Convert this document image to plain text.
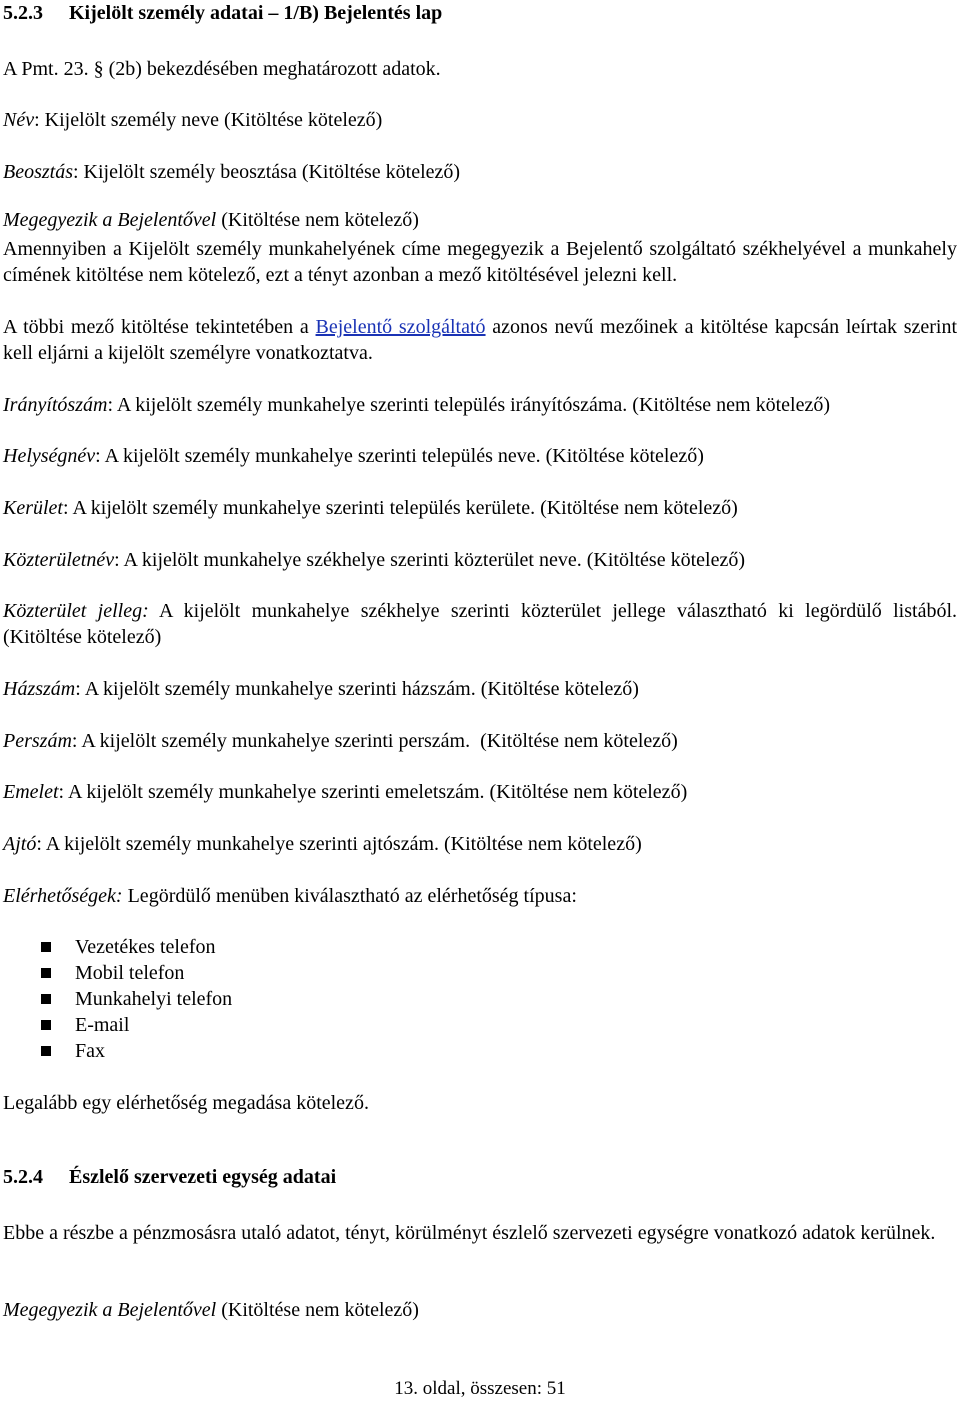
5.2.3 Kijelölt személy adatai – 1/B) Bejelentés lap
A Pmt. 23. § (2b) bekezdésében meghatározott adatok.
Név: Kijelölt személy neve (Kitöltése kötelező)
Beosztás: Kijelölt személy beosztása (Kitöltése kötelező)
Megegyezik a Bejelentővel (Kitöltése nem kötelező)
Amennyiben a Kijelölt személy munkahelyének címe megegyezik a Bejelentő szolgáltató székhelyével a munkahely címének kitöltése nem kötelező, ezt a tényt azonban a mező kitöltésével jelezni kell.
A többi mező kitöltése tekintetében a Bejelentő szolgáltató azonos nevű mezőinek a kitöltése kapcsán leírtak szerint kell eljárni a kijelölt személyre vonatkoztatva.
Irányítószám: A kijelölt személy munkahelye szerinti település irányítószáma. (Kitöltése nem kötelező)
Helységnév: A kijelölt személy munkahelye szerinti település neve. (Kitöltése kötelező)
Kerület: A kijelölt személy munkahelye szerinti település kerülete. (Kitöltése nem kötelező)
Közterületnév: A kijelölt munkahelye székhelye szerinti közterület neve. (Kitöltése kötelező)
Közterület jelleg: A kijelölt munkahelye székhelye szerinti közterület jellege választható ki legördülő listából. (Kitöltése kötelező)
Házszám: A kijelölt személy munkahelye szerinti házszám. (Kitöltése kötelező)
Perszám: A kijelölt személy munkahelye szerinti perszám.  (Kitöltése nem kötelező)
Emelet: A kijelölt személy munkahelye szerinti emeletszám. (Kitöltése nem kötelező)
Ajtó: A kijelölt személy munkahelye szerinti ajtószám. (Kitöltése nem kötelező)
Elérhetőségek: Legördülő menüben kiválasztható az elérhetőség típusa:
Vezetékes telefon
Mobil telefon
Munkahelyi telefon
E-mail
Fax
Legalább egy elérhetőség megadása kötelező.
5.2.4 Észlelő szervezeti egység adatai
Ebbe a részbe a pénzmosásra utaló adatot, tényt, körülményt észlelő szervezeti egységre vonatkozó adatok kerülnek.
Megegyezik a Bejelentővel (Kitöltése nem kötelező)
13. oldal, összesen: 51
